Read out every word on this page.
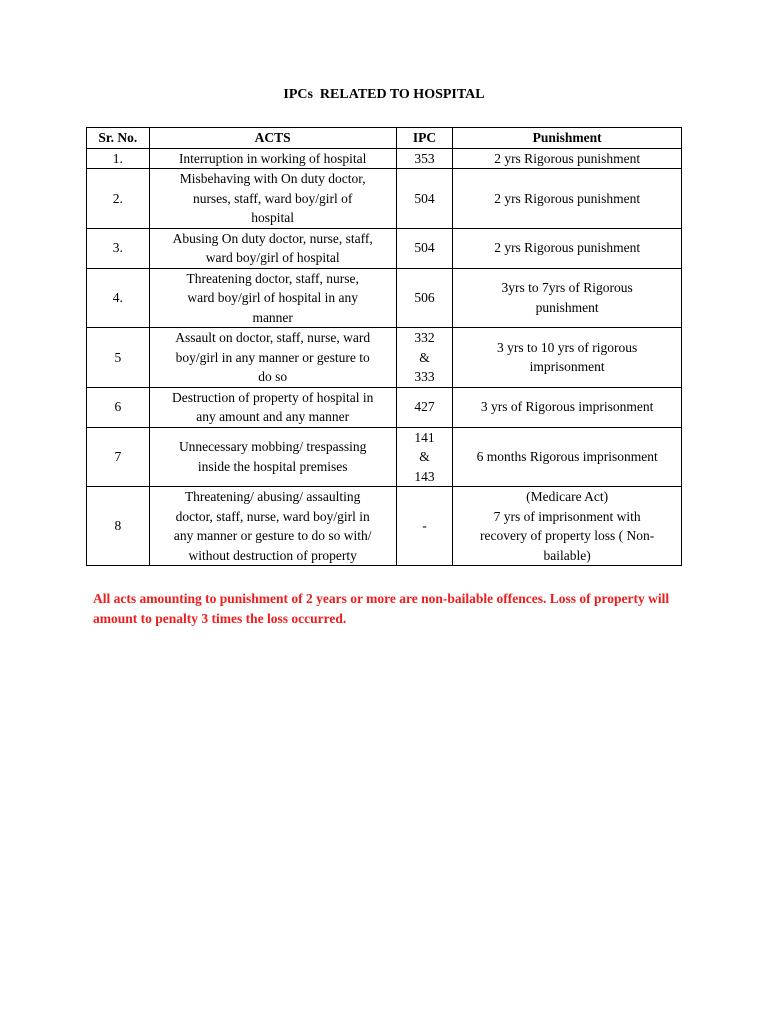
IPCs  RELATED TO HOSPITAL
Sr. No.	ACTS	IPC	Punishment
1.	Interruption in working of hospital	353	2 yrs Rigorous punishment
2.	Misbehaving with On duty doctor,
nurses, staff, ward boy/girl of
hospital	504	2 yrs Rigorous punishment
3.	Abusing On duty doctor, nurse, staff,
ward boy/girl of hospital	504	2 yrs Rigorous punishment
4.	Threatening doctor, staff, nurse,
ward boy/girl of hospital in any
manner	506	3yrs to 7yrs of Rigorous
punishment
5	Assault on doctor, staff, nurse, ward
boy/girl in any manner or gesture to
do so	332
&
333	3 yrs to 10 yrs of rigorous
imprisonment
6	Destruction of property of hospital in
any amount and any manner	427	3 yrs of Rigorous imprisonment
7	Unnecessary mobbing/ trespassing
inside the hospital premises	141
&
143	6 months Rigorous imprisonment
8	Threatening/ abusing/ assaulting
doctor, staff, nurse, ward boy/girl in
any manner or gesture to do so with/
without destruction of property	-	(Medicare Act)
7 yrs of imprisonment with
recovery of property loss ( Non-
bailable)
All acts amounting to punishment of 2 years or more are non-bailable offences. Loss of property will amount to penalty 3 times the loss occurred.
